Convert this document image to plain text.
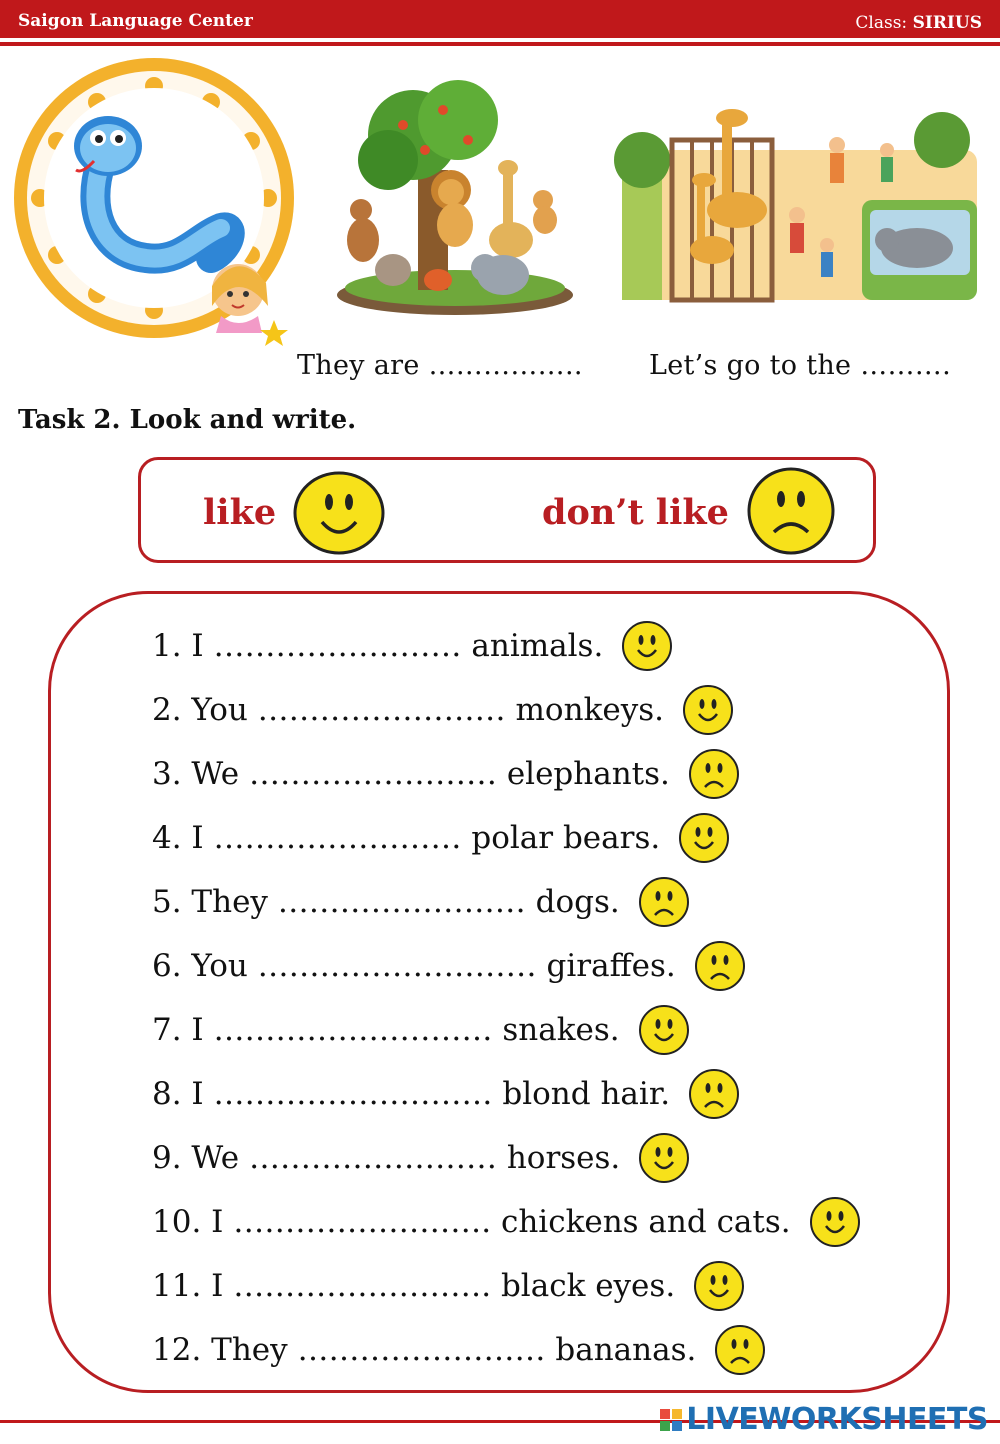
Saigon Language Center	Class: SIRIUS
They are …………….. Let’s go to the ……….
Task 2. Look and write.
like	don’t like
1. I …………………… animals.
2. You …………………… monkeys.
3. We …………………… elephants.
4. I …………………… polar bears.
5. They …………………… dogs.
6. You ……………………… giraffes.
7. I ……………………… snakes.
8. I ……………………… blond hair.
9. We …………………… horses.
10. I ……………………. chickens and cats.
11. I ……………………. black eyes.
12. They …………………… bananas.
LIVEWORKSHEETS
